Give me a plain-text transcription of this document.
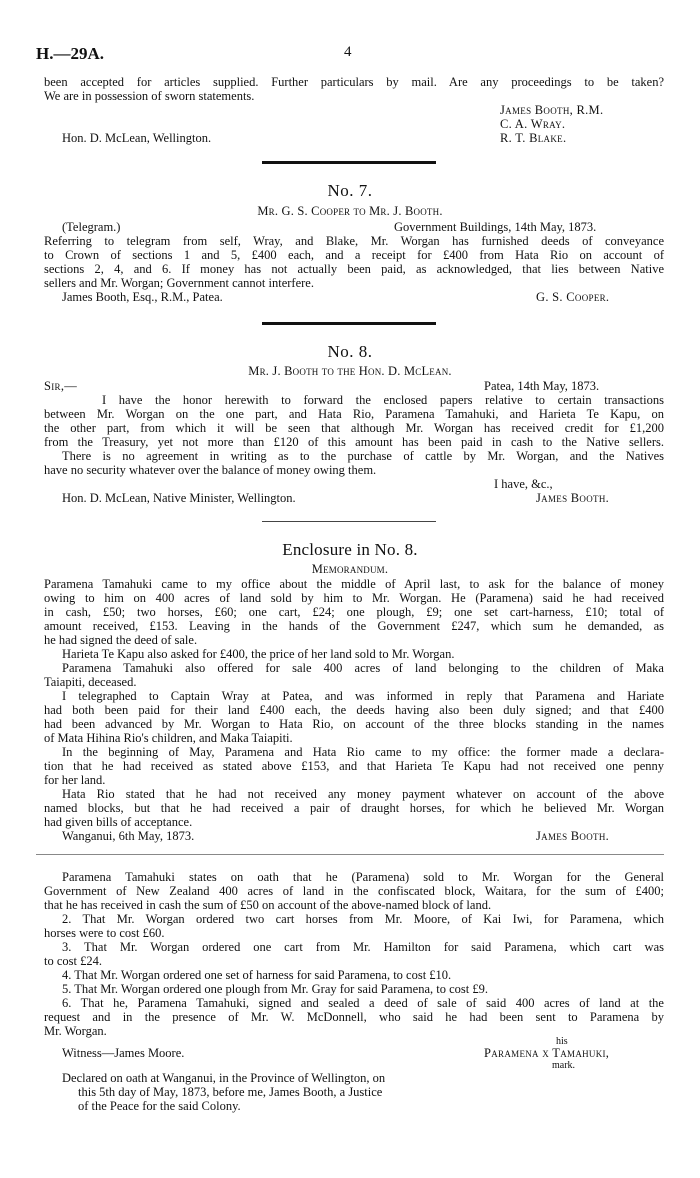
H.—29A.	4
been accepted for articles supplied. Further particulars by mail. Are any proceedings to be taken?
We are in possession of sworn statements.
James Booth, R.M.
C. A. Wray.
R. T. Blake.
Hon. D. McLean, Wellington.
No. 7.
Mr. G. S. Cooper to Mr. J. Booth.
(Telegram.)	Government Buildings, 14th May, 1873.
Referring to telegram from self, Wray, and Blake, Mr. Worgan has furnished deeds of conveyance
to Crown of sections 1 and 5, £400 each, and a receipt for £400 from Hata Rio on account of
sections 2, 4, and 6. If money has not actually been paid, as acknowledged, that lies between Native
sellers and Mr. Worgan; Government cannot interfere.
James Booth, Esq., R.M., Patea.	G. S. Cooper.
No. 8.
Mr. J. Booth to the Hon. D. McLean.
Sir,—	Patea, 14th May, 1873.
I have the honor herewith to forward the enclosed papers relative to certain transactions
between Mr. Worgan on the one part, and Hata Rio, Paramena Tamahuki, and Harieta Te Kapu, on
the other part, from which it will be seen that although Mr. Worgan has received credit for £1,200
from the Treasury, yet not more than £120 of this amount has been paid in cash to the Native sellers.
There is no agreement in writing as to the purchase of cattle by Mr. Worgan, and the Natives
have no security whatever over the balance of money owing them.
I have, &c.,
Hon. D. McLean, Native Minister, Wellington.	James Booth.
Enclosure in No. 8.
Memorandum.
Paramena Tamahuki came to my office about the middle of April last, to ask for the balance of money
owing to him on 400 acres of land sold by him to Mr. Worgan. He (Paramena) said he had received
in cash, £50; two horses, £60; one cart, £24; one plough, £9; one set cart-harness, £10; total of
amount received, £153. Leaving in the hands of the Government £247, which sum he demanded, as
he had signed the deed of sale.
Harieta Te Kapu also asked for £400, the price of her land sold to Mr. Worgan.
Paramena Tamahuki also offered for sale 400 acres of land belonging to the children of Maka
Taiapiti, deceased.
I telegraphed to Captain Wray at Patea, and was informed in reply that Paramena and Hariate
had both been paid for their land £400 each, the deeds having also been duly signed; and that £400
had been advanced by Mr. Worgan to Hata Rio, on account of the three blocks standing in the names
of Mata Hihina Rio's children, and Maka Taiapiti.
In the beginning of May, Paramena and Hata Rio came to my office: the former made a declara-
tion that he had received as stated above £153, and that Harieta Te Kapu had not received one penny
for her land.
Hata Rio stated that he had not received any money payment whatever on account of the above
named blocks, but that he had received a pair of draught horses, for which he believed Mr. Worgan
had given bills of acceptance.
Wanganui, 6th May, 1873.	James Booth.
Paramena Tamahuki states on oath that he (Paramena) sold to Mr. Worgan for the General
Government of New Zealand 400 acres of land in the confiscated block, Waitara, for the sum of £400;
that he has received in cash the sum of £50 on account of the above-named block of land.
2. That Mr. Worgan ordered two cart horses from Mr. Moore, of Kai Iwi, for Paramena, which
horses were to cost £60.
3. That Mr. Worgan ordered one cart from Mr. Hamilton for said Paramena, which cart was
to cost £24.
4. That Mr. Worgan ordered one set of harness for said Paramena, to cost £10.
5. That Mr. Worgan ordered one plough from Mr. Gray for said Paramena, to cost £9.
6. That he, Paramena Tamahuki, signed and sealed a deed of sale of said 400 acres of land at the
request and in the presence of Mr. W. McDonnell, who said he had been sent to Paramena by
Mr. Worgan.
his
Witness—James Moore.	Paramena x Tamahuki,
mark.
Declared on oath at Wanganui, in the Province of Wellington, on
this 5th day of May, 1873, before me, James Booth, a Justice
of the Peace for the said Colony.
